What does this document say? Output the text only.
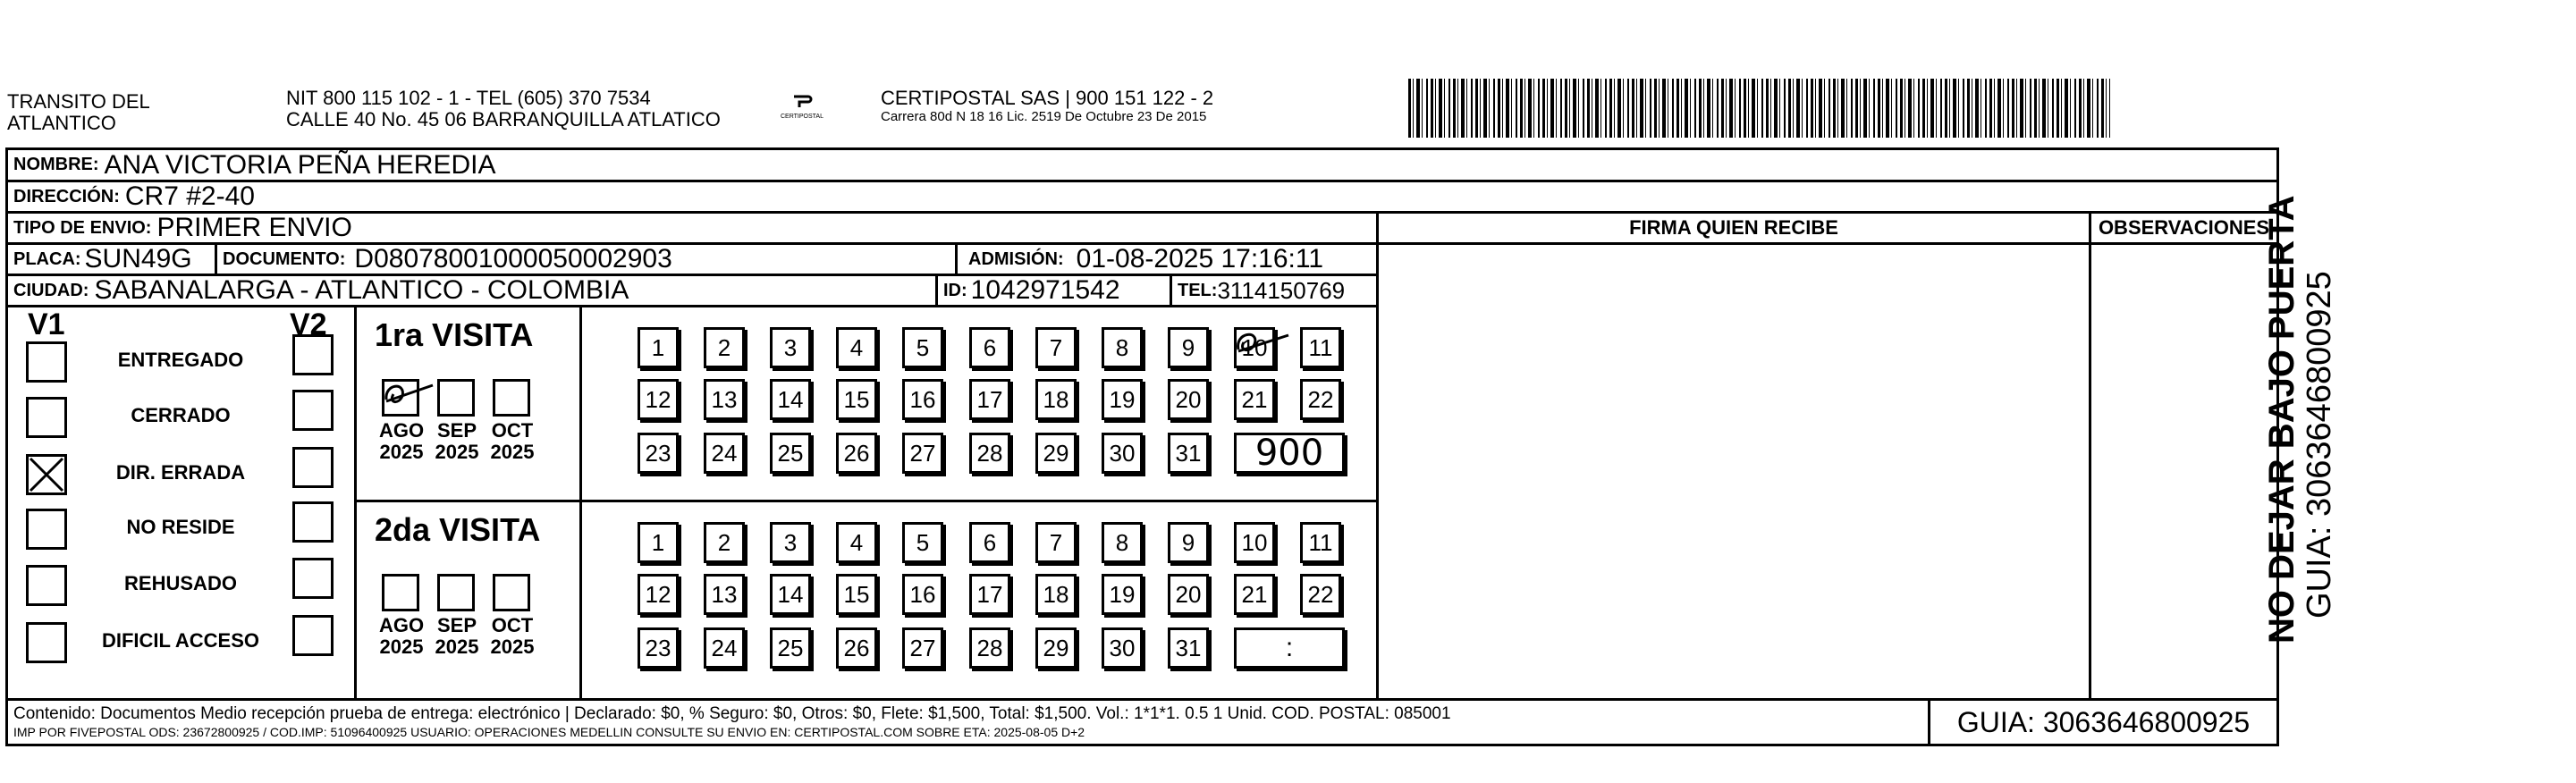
TRANSITO DEL
ATLANTICO
NIT 800 115 102 - 1 - TEL (605) 370 7534
CALLE 40 No. 45 06 BARRANQUILLA ATLATICO	CERTIPOSTAL
CERTIPOSTAL SAS | 900 151 122 - 2
Carrera 80d N 18 16 Lic. 2519 De Octubre 23 De 2015
NOMBRE: ANA VICTORIA PEÑA HEREDIA
DIRECCIÓN: CR7 #2-40
TIPO DE ENVIO: PRIMER ENVIO
PLACA: SUN49G DOCUMENTO: D08078001000050002903	ADMISIÓN: 01-08-2025 17:16:11
CIUDAD: SABANALARGA - ATLANTICO - COLOMBIA	ID: 1042971542	TEL: 3114150769
FIRMA QUIEN RECIBE	OBSERVACIONES
V1	V2
Contenido: Documentos Medio recepción prueba de entrega: electrónico | Declarado: $0, % Seguro: $0, Otros: $0, Flete: $1,500, Total: $1,500. Vol.: 1*1*1. 0.5 1 Unid. COD. POSTAL: 085001
IMP POR FIVEPOSTAL ODS: 23672800925 / COD.IMP: 51096400925 USUARIO: OPERACIONES MEDELLIN CONSULTE SU ENVIO EN: CERTIPOSTAL.COM SOBRE ETA: 2025-08-05 D+2	GUIA: 3063646800925
ENTREGADO
CERRADO
DIR. ERRADA
NO RESIDE
REHUSADO
DIFICIL ACCESO
1ra VISITA
AGO
2025
SEP
2025
OCT
2025
1 2 3 4 5 6 7 8 9 10 11
12 13 14 15 16 17 18 19 20 21 22
23 24 25 26 27 28 29 30 31	900
2da VISITA
AGO
2025
SEP
2025
OCT
2025
1 2 3 4 5 6 7 8 9 10 11
12 13 14 15 16 17 18 19 20 21 22
23 24 25 26 27 28 29 30 31	:
NO DEJAR BAJO PUERTA GUIA: 3063646800925
